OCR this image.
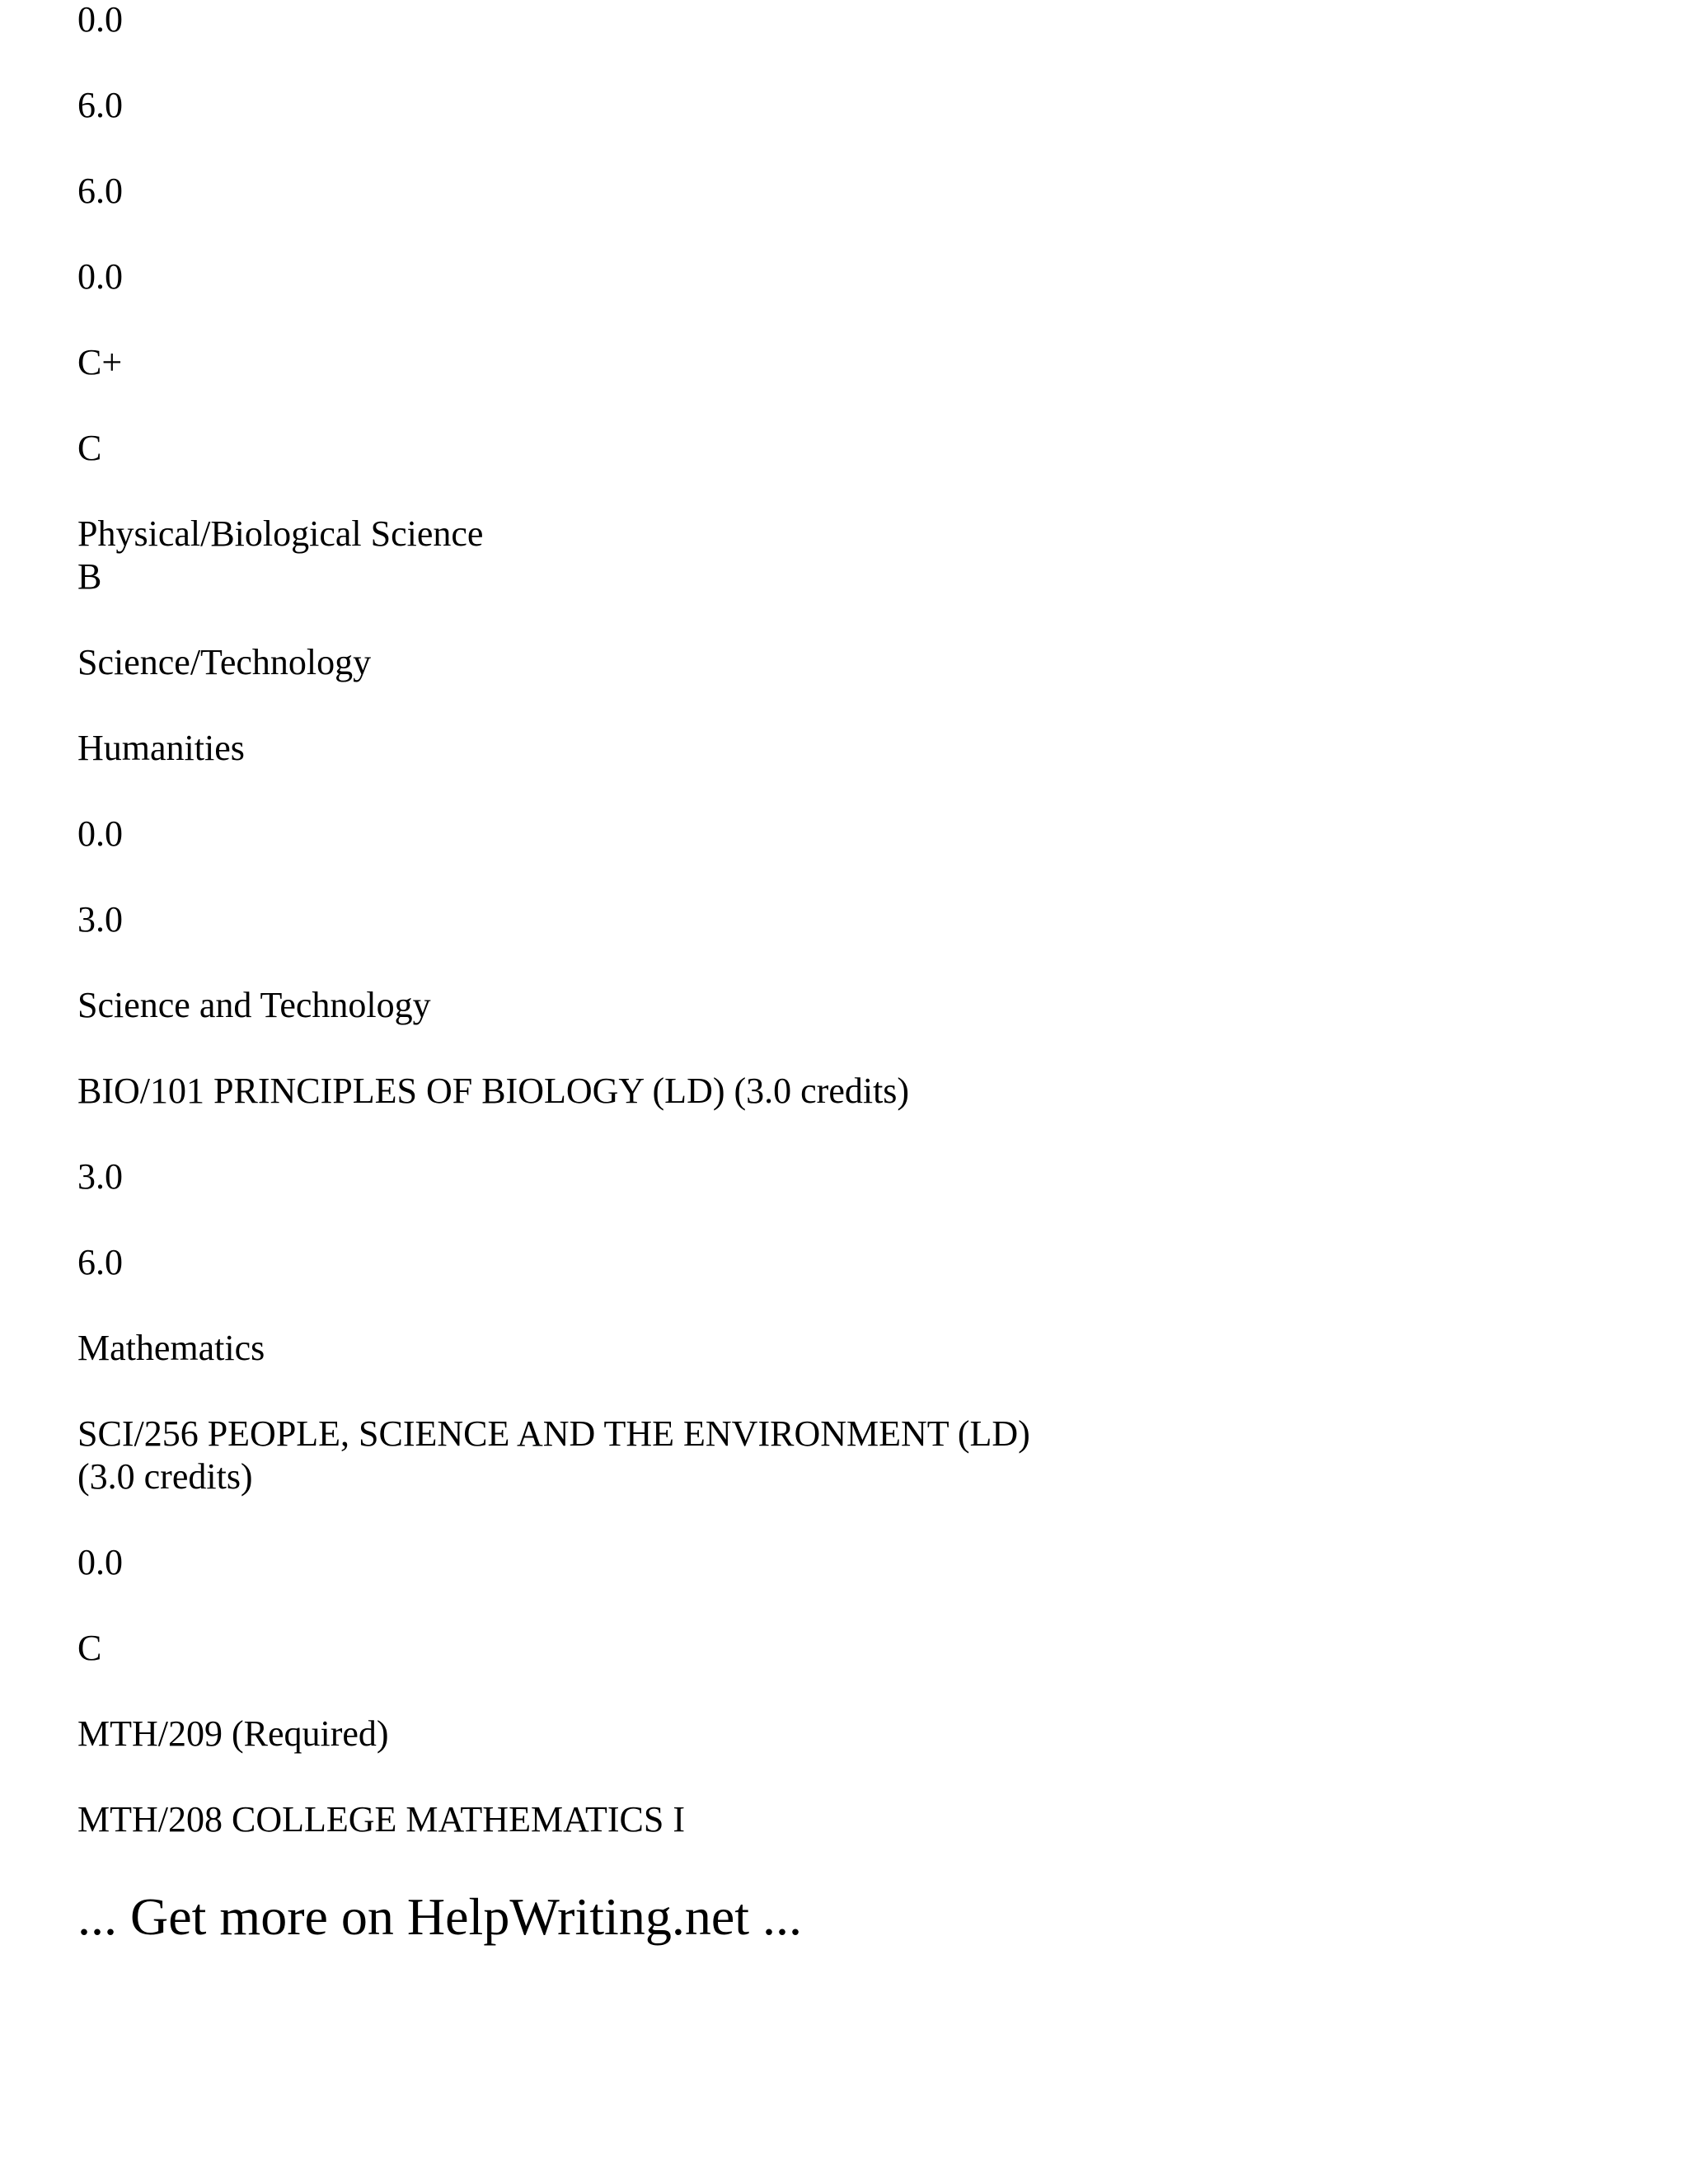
0.0

6.0

6.0

0.0

C+

C

Physical/Biological Science

B

Science/Technology

Humanities

0.0

3.0

Science and Technology

BIO/101 PRINCIPLES OF BIOLOGY (LD) (3.0 credits)

3.0

6.0

Mathematics

SCI/256 PEOPLE, SCIENCE AND THE ENVIRONMENT (LD)

(3.0 credits)

0.0

C

MTH/209 (Required)

MTH/208 COLLEGE MATHEMATICS I

... Get more on HelpWriting.net ...
